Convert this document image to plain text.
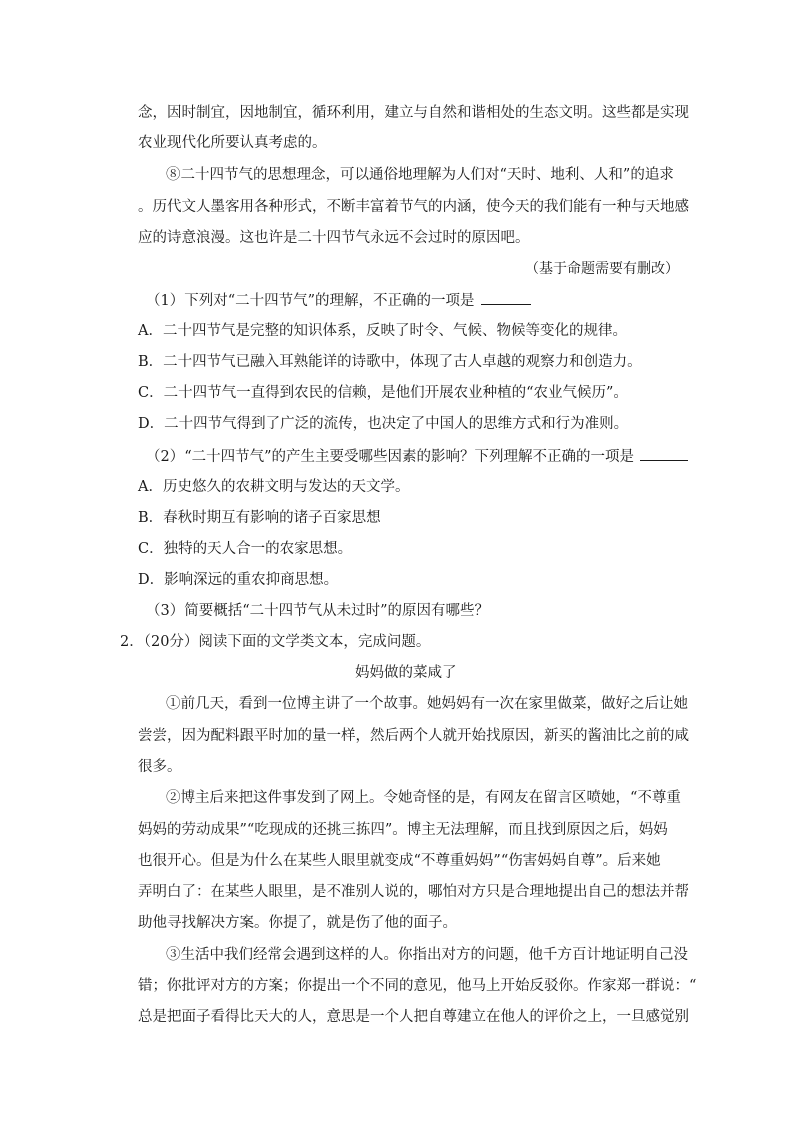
念，因时制宜，因地制宜，循环利用，建立与自然和谐相处的生态文明。这些都是实现
农业现代化所要认真考虑的。
⑧二十四节气的思想理念，可以通俗地理解为人们对“天时、地利、人和”的追求
。历代文人墨客用各种形式，不断丰富着节气的内涵，使今天的我们能有一种与天地感
应的诗意浪漫。这也许是二十四节气永远不会过时的原因吧。
（基于命题需要有删改）
（1）下列对“二十四节气”的理解，不正确的一项是
A．二十四节气是完整的知识体系，反映了时令、气候、物候等变化的规律。
B．二十四节气已融入耳熟能详的诗歌中，体现了古人卓越的观察力和创造力。
C．二十四节气一直得到农民的信赖，是他们开展农业种植的“农业气候历”。
D．二十四节气得到了广泛的流传，也决定了中国人的思维方式和行为准则。
（2）“二十四节气”的产生主要受哪些因素的影响？下列理解不正确的一项是
A．历史悠久的农耕文明与发达的天文学。
B．春秋时期互有影响的诸子百家思想
C．独特的天人合一的农家思想。
D．影响深远的重农抑商思想。
（3）简要概括“二十四节气从未过时”的原因有哪些？
2．（20分）阅读下面的文学类文本，完成问题。
妈妈做的菜咸了
①前几天，看到一位博主讲了一个故事。她妈妈有一次在家里做菜，做好之后让她
尝尝，因为配料跟平时加的量一样，然后两个人就开始找原因，新买的酱油比之前的咸
很多。
②博主后来把这件事发到了网上。令她奇怪的是，有网友在留言区喷她，“不尊重
妈妈的劳动成果”“吃现成的还挑三拣四”。博主无法理解，而且找到原因之后，妈妈
也很开心。但是为什么在某些人眼里就变成“不尊重妈妈”“伤害妈妈自尊”。后来她
弄明白了：在某些人眼里，是不准别人说的，哪怕对方只是合理地提出自己的想法并帮
助他寻找解决方案。你提了，就是伤了他的面子。
③生活中我们经常会遇到这样的人。你指出对方的问题，他千方百计地证明自己没
错；你批评对方的方案；你提出一个不同的意见，他马上开始反驳你。作家郑一群说：“
总是把面子看得比天大的人，意思是一个人把自尊建立在他人的评价之上，一旦感觉别
